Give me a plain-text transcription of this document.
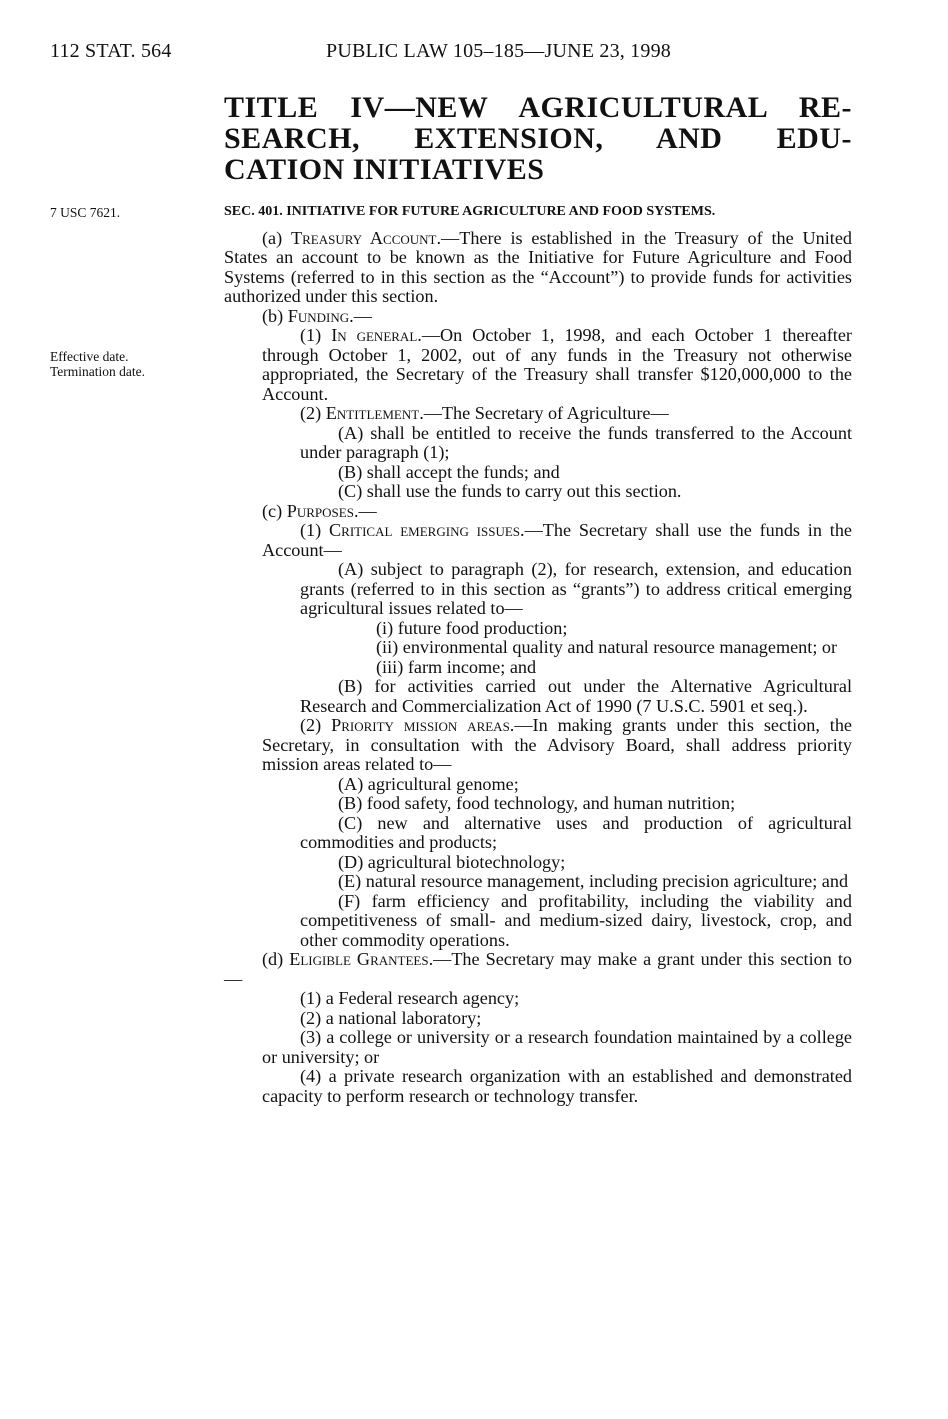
112 STAT. 564	PUBLIC LAW 105–185—JUNE 23, 1998
TITLE IV—NEW AGRICULTURAL RE-
SEARCH, EXTENSION, AND EDU-
CATION INITIATIVES
7 USC 7621.
Effective date.
Termination date.
SEC. 401. INITIATIVE FOR FUTURE AGRICULTURE AND FOOD SYSTEMS.
(a) Treasury Account.—There is established in the Treasury of the United States an account to be known as the Initiative for Future Agriculture and Food Systems (referred to in this section as the “Account”) to provide funds for activities authorized under this section.
(b) Funding.—
(1) In general.—On October 1, 1998, and each October 1 thereafter through October 1, 2002, out of any funds in the Treasury not otherwise appropriated, the Secretary of the Treasury shall transfer $120,000,000 to the Account.
(2) Entitlement.—The Secretary of Agriculture—
(A) shall be entitled to receive the funds transferred to the Account under paragraph (1);
(B) shall accept the funds; and
(C) shall use the funds to carry out this section.
(c) Purposes.—
(1) Critical emerging issues.—The Secretary shall use the funds in the Account—
(A) subject to paragraph (2), for research, extension, and education grants (referred to in this section as “grants”) to address critical emerging agricultural issues related to—
(i) future food production;
(ii) environmental quality and natural resource management; or
(iii) farm income; and
(B) for activities carried out under the Alternative Agricultural Research and Commercialization Act of 1990 (7 U.S.C. 5901 et seq.).
(2) Priority mission areas.—In making grants under this section, the Secretary, in consultation with the Advisory Board, shall address priority mission areas related to—
(A) agricultural genome;
(B) food safety, food technology, and human nutrition;
(C) new and alternative uses and production of agricultural commodities and products;
(D) agricultural biotechnology;
(E) natural resource management, including precision agriculture; and
(F) farm efficiency and profitability, including the viability and competitiveness of small- and medium-sized dairy, livestock, crop, and other commodity operations.
(d) Eligible Grantees.—The Secretary may make a grant under this section to—
(1) a Federal research agency;
(2) a national laboratory;
(3) a college or university or a research foundation maintained by a college or university; or
(4) a private research organization with an established and demonstrated capacity to perform research or technology transfer.
